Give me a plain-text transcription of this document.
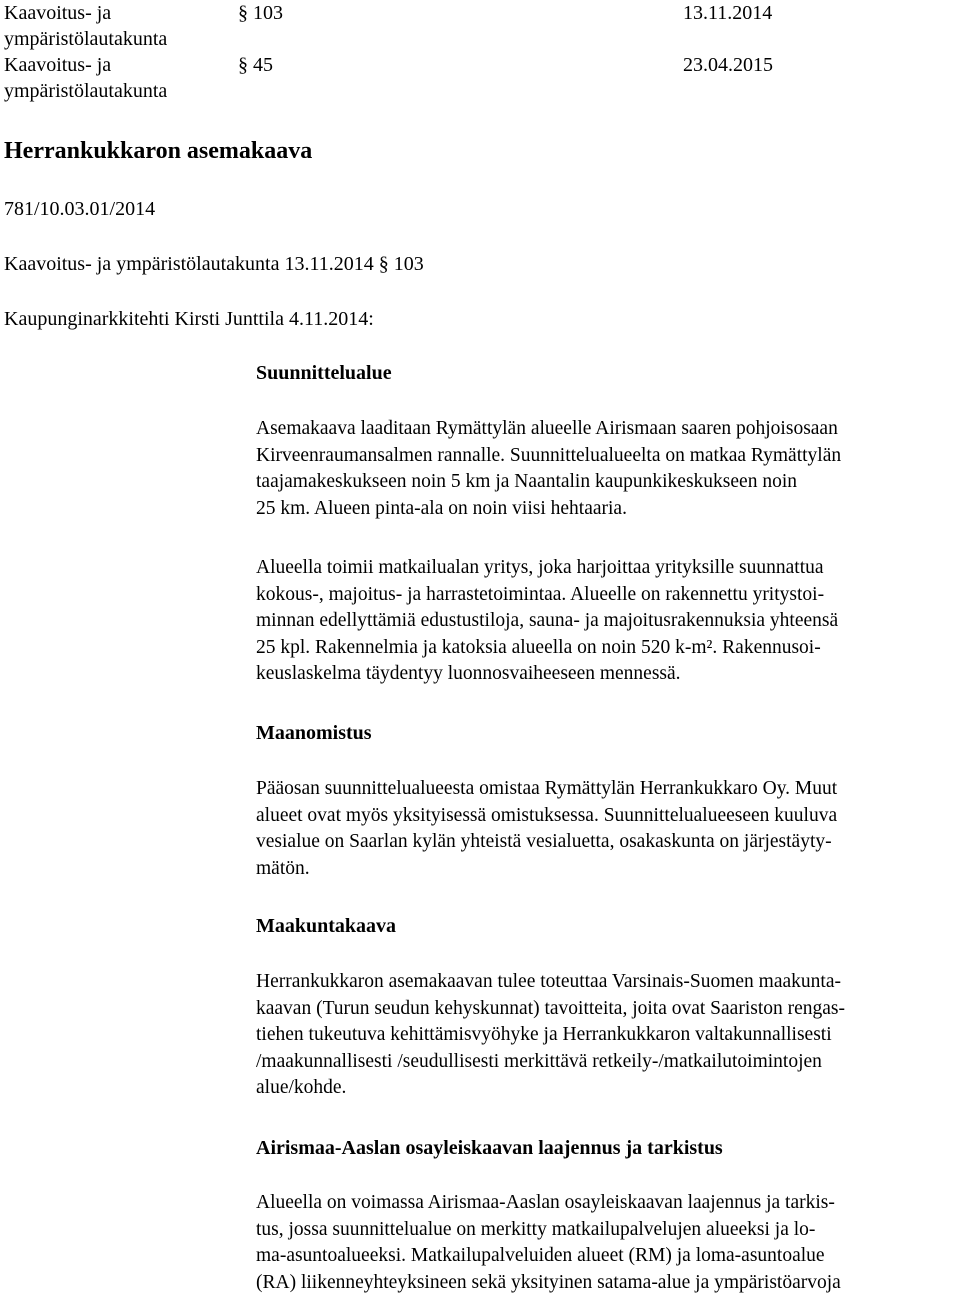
Kaavoitus- ja
ympäristölautakunta
§ 103	13.11.2014
Kaavoitus- ja
ympäristölautakunta
§ 45	23.04.2015
Herrankukkaron asemakaava

781/10.03.01/2014

Kaavoitus- ja ympäristölautakunta 13.11.2014 § 103

Kaupunginarkkitehti Kirsti Junttila 4.11.2014:

Suunnittelualue
Asemakaava laaditaan Rymättylän alueelle Airismaan saaren pohjoisosaan
Kirveenraumansalmen rannalle. Suunnittelualueelta on matkaa Rymättylän
taajamakeskukseen noin 5 km ja Naantalin kaupunkikeskukseen noin
25 km. Alueen pinta-ala on noin viisi hehtaaria.
Alueella toimii matkailualan yritys, joka harjoittaa yrityksille suunnattua
kokous-, majoitus- ja harrastetoimintaa. Alueelle on rakennettu yritystoi-
minnan edellyttämiä edustustiloja, sauna- ja majoitusrakennuksia yhteensä
25 kpl. Rakennelmia ja katoksia alueella on noin 520 k-m². Rakennusoi-
keuslaskelma täydentyy luonnosvaiheeseen mennessä.
Maanomistus
Pääosan suunnittelualueesta omistaa Rymättylän Herrankukkaro Oy. Muut
alueet ovat myös yksityisessä omistuksessa. Suunnittelualueeseen kuuluva
vesialue on Saarlan kylän yhteistä vesialuetta, osakaskunta on järjestäyty-
mätön.
Maakuntakaava
Herrankukkaron asemakaavan tulee toteuttaa Varsinais-Suomen maakunta-
kaavan (Turun seudun kehyskunnat) tavoitteita, joita ovat Saariston rengas-
tiehen tukeutuva kehittämisvyöhyke ja Herrankukkaron valtakunnallisesti
/maakunnallisesti /seudullisesti merkittävä retkeily-/matkailutoimintojen
alue/kohde.
Airismaa-Aaslan osayleiskaavan laajennus ja tarkistus
Alueella on voimassa Airismaa-Aaslan osayleiskaavan laajennus ja tarkis-
tus, jossa suunnittelualue on merkitty matkailupalvelujen alueeksi ja lo-
ma-asuntoalueeksi. Matkailupalveluiden alueet (RM) ja loma-asuntoalue
(RA) liikenneyhteyksineen sekä yksityinen satama-alue ja ympäristöarvoja
